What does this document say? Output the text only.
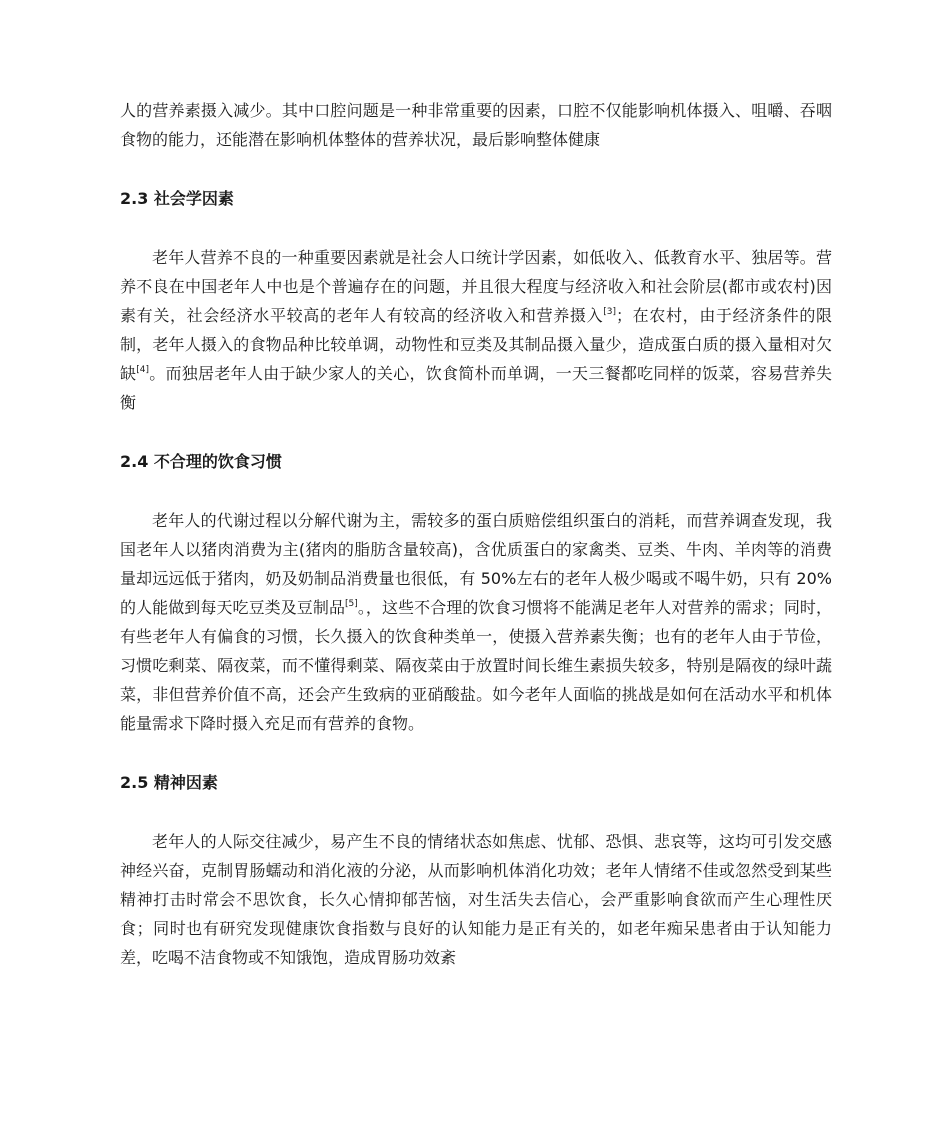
人的营养素摄入减少。其中口腔问题是一种非常重要的因素，口腔不仅能影响机体摄入、咀嚼、吞咽食物的能力，还能潜在影响机体整体的营养状况，最后影响整体健康

2.3 社会学因素

老年人营养不良的一种重要因素就是社会人口统计学因素，如低收入、低教育水平、独居等。营养不良在中国老年人中也是个普遍存在的问题，并且很大程度与经济收入和社会阶层(都市或农村)因素有关，社会经济水平较高的老年人有较高的经济收入和营养摄入[3]；在农村，由于经济条件的限制，老年人摄入的食物品种比较单调，动物性和豆类及其制品摄入量少，造成蛋白质的摄入量相对欠缺[4]。而独居老年人由于缺少家人的关心，饮食简朴而单调，一天三餐都吃同样的饭菜，容易营养失衡

2.4 不合理的饮食习惯

老年人的代谢过程以分解代谢为主，需较多的蛋白质赔偿组织蛋白的消耗，而营养调查发现，我国老年人以猪肉消费为主(猪肉的脂肪含量较高)，含优质蛋白的家禽类、豆类、牛肉、羊肉等的消费量却远远低于猪肉，奶及奶制品消费量也很低，有 50%左右的老年人极少喝或不喝牛奶，只有 20%的人能做到每天吃豆类及豆制品[5]。，这些不合理的饮食习惯将不能满足老年人对营养的需求；同时，有些老年人有偏食的习惯，长久摄入的饮食种类单一，使摄入营养素失衡；也有的老年人由于节俭，习惯吃剩菜、隔夜菜，而不懂得剩菜、隔夜菜由于放置时间长维生素损失较多，特别是隔夜的绿叶蔬菜，非但营养价值不高，还会产生致病的亚硝酸盐。如今老年人面临的挑战是如何在活动水平和机体能量需求下降时摄入充足而有营养的食物。

2.5 精神因素

老年人的人际交往减少，易产生不良的情绪状态如焦虑、忧郁、恐惧、悲哀等，这均可引发交感神经兴奋，克制胃肠蠕动和消化液的分泌，从而影响机体消化功效；老年人情绪不佳或忽然受到某些精神打击时常会不思饮食，长久心情抑郁苦恼，对生活失去信心，会严重影响食欲而产生心理性厌食；同时也有研究发现健康饮食指数与良好的认知能力是正有关的，如老年痴呆患者由于认知能力差，吃喝不洁食物或不知饿饱，造成胃肠功效紊
